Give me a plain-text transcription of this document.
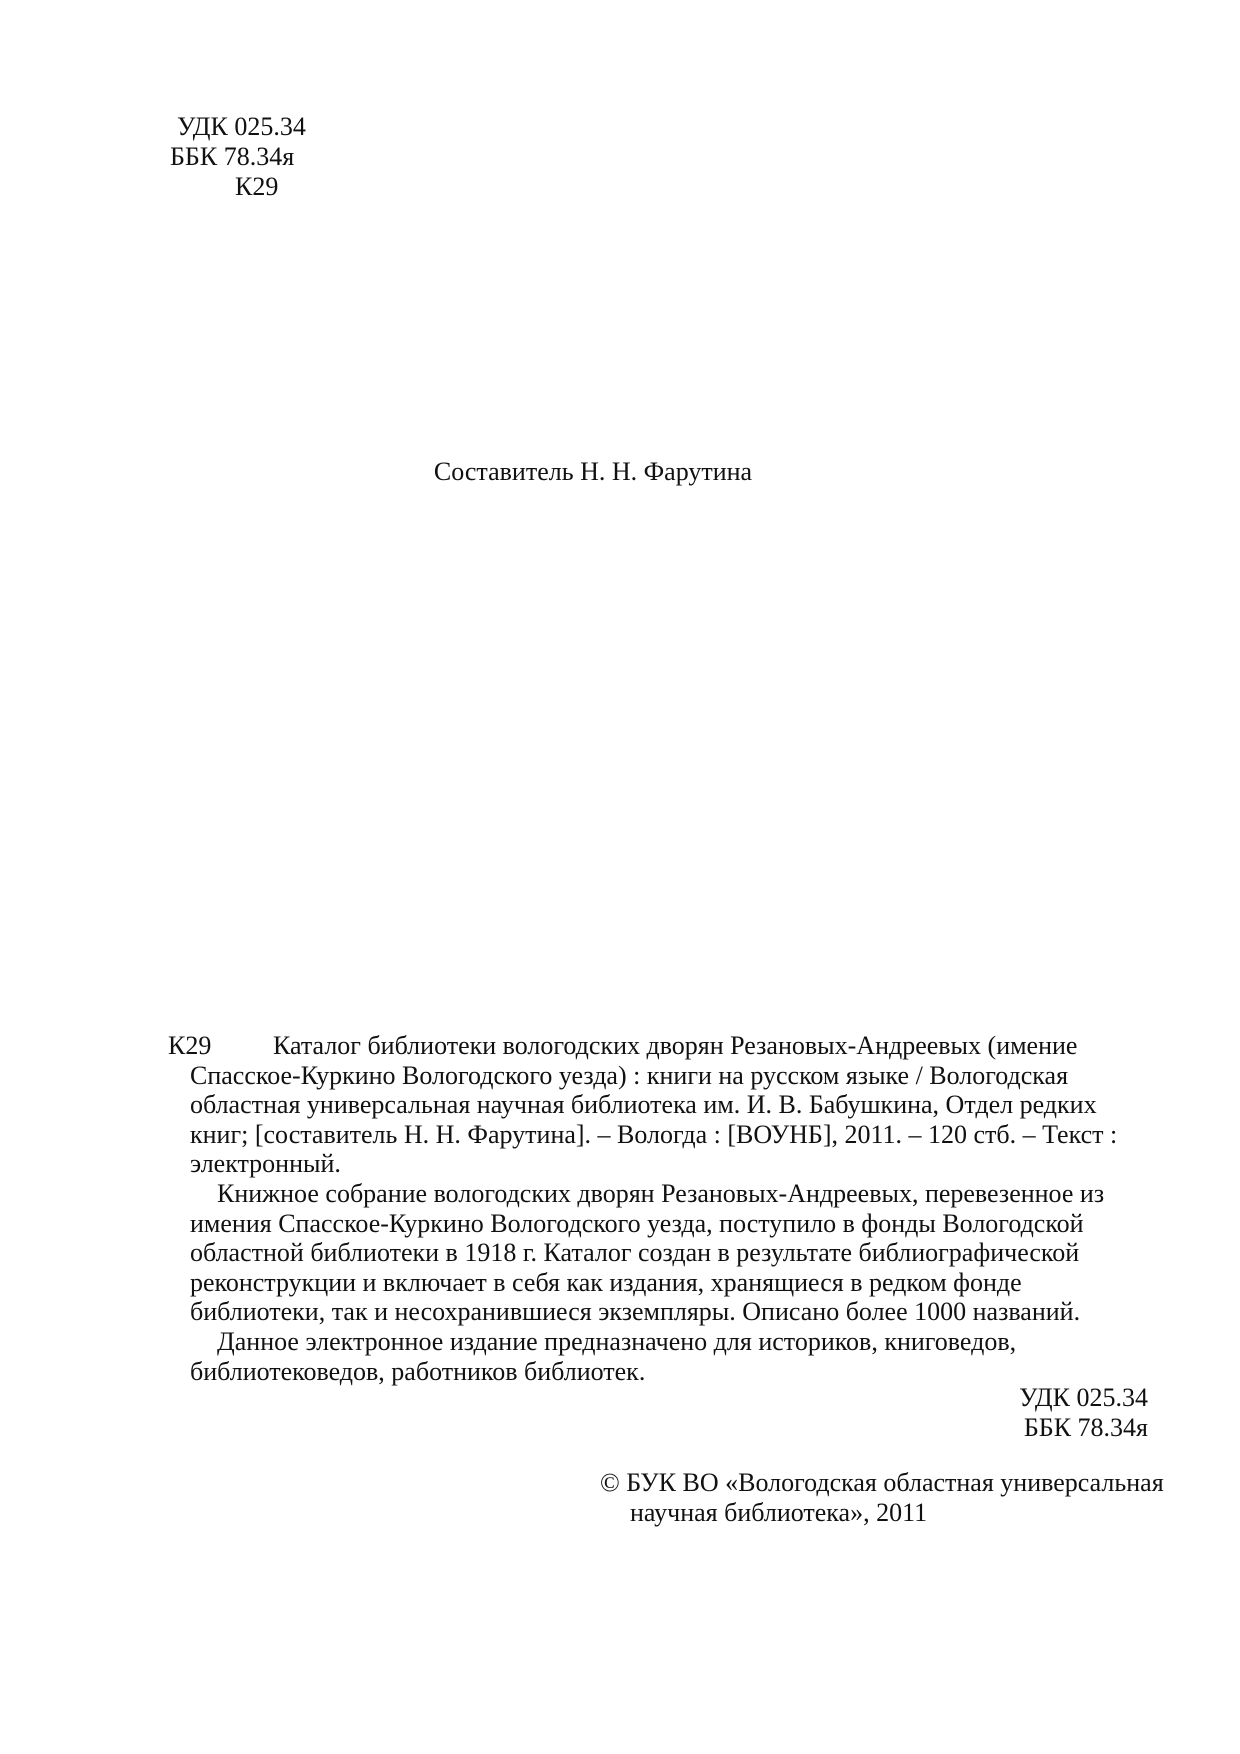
УДК 025.34
ББК 78.34я
К29
Составитель Н. Н. Фарутина
К29	Каталог библиотеки вологодских дворян Резановых-Андреевых (имение
Спасское-Куркино Вологодского уезда) : книги на русском языке / Вологодская
областная универсальная научная библиотека им. И. В. Бабушкина, Отдел редких
книг; [составитель Н. Н. Фарутина]. – Вологда : [ВОУНБ], 2011. – 120 стб. – Текст :
электронный.
Книжное собрание вологодских дворян Резановых-Андреевых, перевезенное из
имения Спасское-Куркино Вологодского уезда, поступило в фонды Вологодской
областной библиотеки в 1918 г. Каталог создан в результате библиографической
реконструкции и включает в себя как издания, хранящиеся в редком фонде
библиотеки, так и несохранившиеся экземпляры. Описано более 1000 названий.
Данное электронное издание предназначено для историков, книговедов,
библиотековедов, работников библиотек.
УДК 025.34
ББК 78.34я
© БУК ВО «Вологодская областная универсальная
научная библиотека», 2011
